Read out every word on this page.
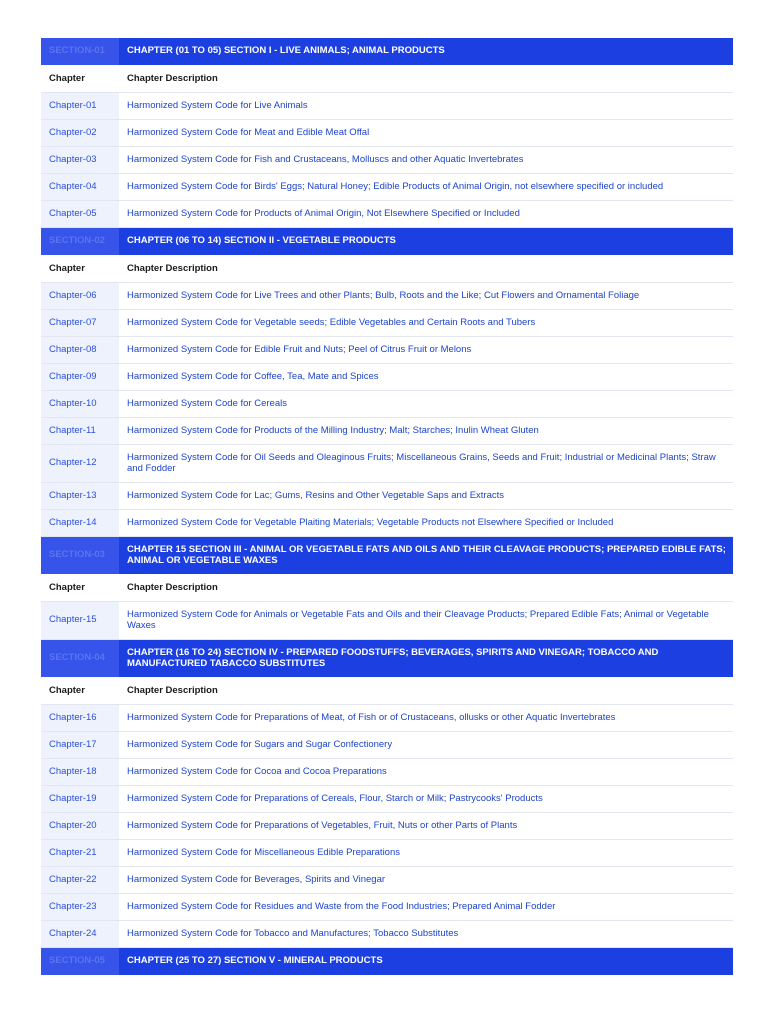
SECTION-01	CHAPTER (01 TO 05) SECTION I - LIVE ANIMALS; ANIMAL PRODUCTS
Chapter	Chapter Description
Chapter-01	Harmonized System Code for Live Animals
Chapter-02	Harmonized System Code for Meat and Edible Meat Offal
Chapter-03	Harmonized System Code for Fish and Crustaceans, Molluscs and other Aquatic Invertebrates
Chapter-04	Harmonized System Code for Birds' Eggs; Natural Honey; Edible Products of Animal Origin, not elsewhere specified or included
Chapter-05	Harmonized System Code for Products of Animal Origin, Not Elsewhere Specified or Included
SECTION-02	CHAPTER (06 TO 14) SECTION II - VEGETABLE PRODUCTS
Chapter	Chapter Description
Chapter-06	Harmonized System Code for Live Trees and other Plants; Bulb, Roots and the Like; Cut Flowers and Ornamental Foliage
Chapter-07	Harmonized System Code for Vegetable seeds; Edible Vegetables and Certain Roots and Tubers
Chapter-08	Harmonized System Code for Edible Fruit and Nuts; Peel of Citrus Fruit or Melons
Chapter-09	Harmonized System Code for Coffee, Tea, Mate and Spices
Chapter-10	Harmonized System Code for Cereals
Chapter-11	Harmonized System Code for Products of the Milling Industry; Malt; Starches; Inulin Wheat Gluten
Chapter-12	Harmonized System Code for Oil Seeds and Oleaginous Fruits; Miscellaneous Grains, Seeds and Fruit; Industrial or Medicinal Plants; Straw and Fodder
Chapter-13	Harmonized System Code for Lac; Gums, Resins and Other Vegetable Saps and Extracts
Chapter-14	Harmonized System Code for Vegetable Plaiting Materials; Vegetable Products not Elsewhere Specified or Included
SECTION-03	CHAPTER 15 SECTION III - ANIMAL OR VEGETABLE FATS AND OILS AND THEIR CLEAVAGE PRODUCTS; PREPARED EDIBLE FATS; ANIMAL OR VEGETABLE WAXES
Chapter	Chapter Description
Chapter-15	Harmonized System Code for Animals or Vegetable Fats and Oils and their Cleavage Products; Prepared Edible Fats; Animal or Vegetable Waxes
SECTION-04	CHAPTER (16 TO 24) SECTION IV - PREPARED FOODSTUFFS; BEVERAGES, SPIRITS AND VINEGAR; TOBACCO AND MANUFACTURED TABACCO SUBSTITUTES
Chapter	Chapter Description
Chapter-16	Harmonized System Code for Preparations of Meat, of Fish or of Crustaceans, ollusks or other Aquatic Invertebrates
Chapter-17	Harmonized System Code for Sugars and Sugar Confectionery
Chapter-18	Harmonized System Code for Cocoa and Cocoa Preparations
Chapter-19	Harmonized System Code for Preparations of Cereals, Flour, Starch or Milk; Pastrycooks' Products
Chapter-20	Harmonized System Code for Preparations of Vegetables, Fruit, Nuts or other Parts of Plants
Chapter-21	Harmonized System Code for Miscellaneous Edible Preparations
Chapter-22	Harmonized System Code for Beverages, Spirits and Vinegar
Chapter-23	Harmonized System Code for Residues and Waste from the Food Industries; Prepared Animal Fodder
Chapter-24	Harmonized System Code for Tobacco and Manufactures; Tobacco Substitutes
SECTION-05	CHAPTER (25 TO 27) SECTION V - MINERAL PRODUCTS
